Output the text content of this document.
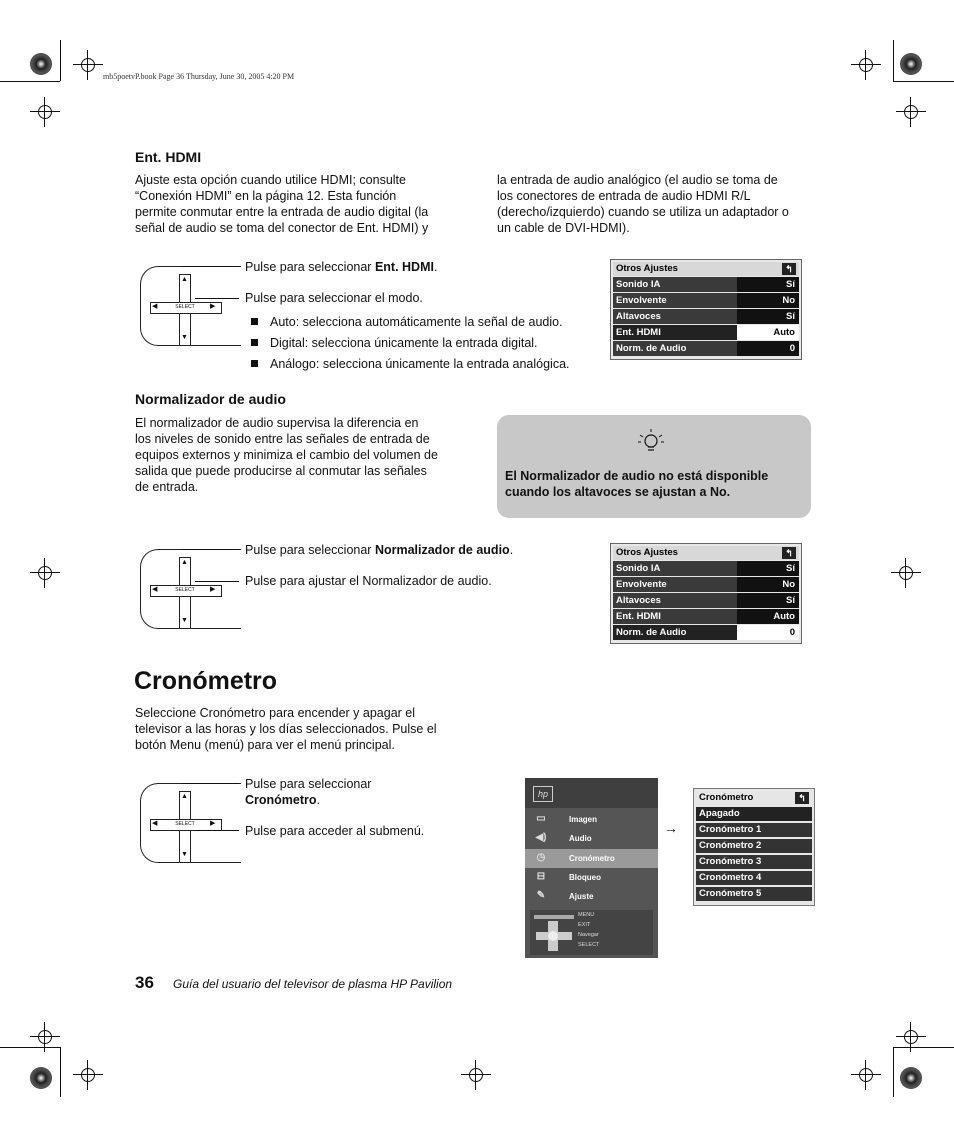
mb5poetvP.book Page 36 Thursday, June 30, 2005 4:20 PM
Ent. HDMI
Ajuste esta opción cuando utilice HDMI; consulte
“Conexión HDMI” en la página 12. Esta función
permite conmutar entre la entrada de audio digital (la
señal de audio se toma del conector de Ent. HDMI) y
la entrada de audio analógico (el audio se toma de
los conectores de entrada de audio HDMI R/L
(derecho/izquierdo) cuando se utiliza un adaptador o
un cable de DVI-HDMI).
▲
▼
◀	▶
SELECT
Pulse para seleccionar Ent. HDMI.
Pulse para seleccionar el modo.
Auto: selecciona automáticamente la señal de audio.
Digital: selecciona únicamente la entrada digital.
Análogo: selecciona únicamente la entrada analógica.
Otros Ajustes	↰
Sonido IA	Sí
Envolvente	No
Altavoces	Sí
Ent. HDMI	Auto
Norm. de Audio	0
Normalizador de audio
El normalizador de audio supervisa la diferencia en
los niveles de sonido entre las señales de entrada de
equipos externos y minimiza el cambio del volumen de
salida que puede producirse al conmutar las señales
de entrada.
El Normalizador de audio no está disponible
cuando los altavoces se ajustan a No.
▲
▼
◀	▶
SELECT
Pulse para seleccionar Normalizador de audio.
Pulse para ajustar el Normalizador de audio.
Otros Ajustes	↰
Sonido IA	Sí
Envolvente	No
Altavoces	Sí
Ent. HDMI	Auto
Norm. de Audio	0
Cronómetro
Seleccione Cronómetro para encender y apagar el
televisor a las horas y los días seleccionados. Pulse el
botón Menu (menú) para ver el menú principal.
▲
▼
◀	▶
SELECT
Pulse para seleccionar
Cronómetro.
Pulse para acceder al submenú.
hp
▭	Imagen
◀)	Audio
◷	Cronómetro
⊟	Bloqueo
✎	Ajuste
MENU
EXIT
Navegar
SELECT
→
Cronómetro	↰
Apagado
Cronómetro 1
Cronómetro 2
Cronómetro 3
Cronómetro 4
Cronómetro 5
36 Guía del usuario del televisor de plasma HP Pavilion
